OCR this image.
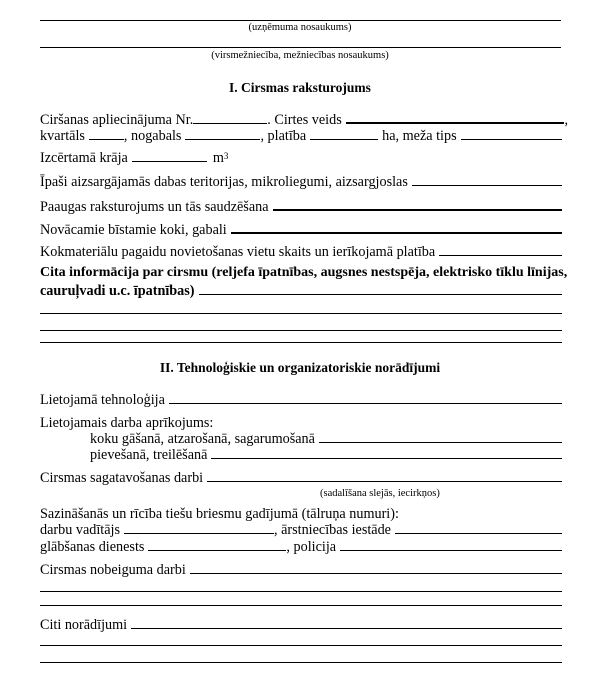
(uzņēmuma nosaukums)
(virsmežniecība, mežniecības nosaukums)
I. Cirsmas raksturojums
Ciršanas apliecinājuma Nr.	. Cirtes veids	,
kvartāls	, nogabals	, platība	ha, meža tips
Izcērtamā krāja	$m^3$
Īpaši aizsargājamās dabas teritorijas, mikroliegumi, aizsargjoslas
Paaugas raksturojums un tās saudzēšana
Novācamie bīstamie koki, gabali
Kokmateriālu pagaidu novietošanas vietu skaits un ierīkojamā platība
Cita informācija par cirsmu (reljefa īpatnības, augsnes nestspēja, elektrisko tīklu līnijas,
cauruļvadi u.c. īpatnības)
II. Tehnoloģiskie un organizatoriskie norādījumi
Lietojamā tehnoloģija
Lietojamais darba aprīkojums:
koku gāšanā, atzarošanā, sagarumošanā
pievešanā, treilēšanā
Cirsmas sagatavošanas darbi
(sadalīšana slejās, iecirkņos)
Sazināšanās un rīcība tiešu briesmu gadījumā (tālruņa numuri):
darbu vadītājs	, ārstniecības iestāde
glābšanas dienests	, policija
Cirsmas nobeiguma darbi
Citi norādījumi
